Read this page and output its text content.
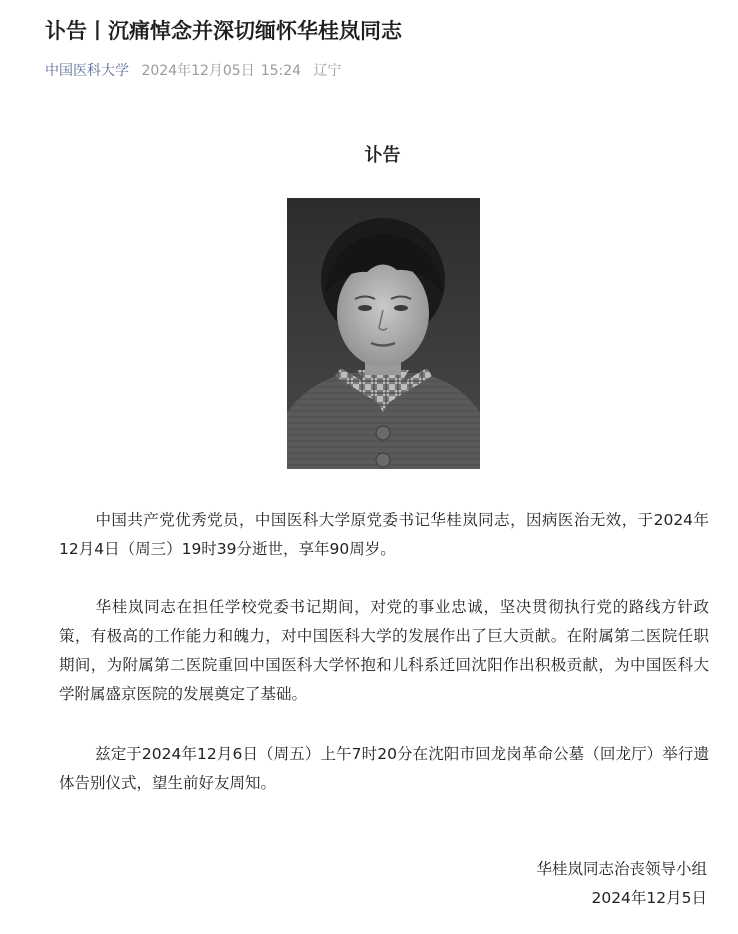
讣告丨沉痛悼念并深切缅怀华桂岚同志
中国医科大学 2024年12月05日 15:24 辽宁
讣告
中国共产党优秀党员，中国医科大学原党委书记华桂岚同志，因病医治无效，于2024年12月4日（周三）19时39分逝世，享年90周岁。
华桂岚同志在担任学校党委书记期间，对党的事业忠诚，坚决贯彻执行党的路线方针政策，有极高的工作能力和魄力，对中国医科大学的发展作出了巨大贡献。在附属第二医院任职期间，为附属第二医院重回中国医科大学怀抱和儿科系迁回沈阳作出积极贡献，为中国医科大学附属盛京医院的发展奠定了基础。
兹定于2024年12月6日（周五）上午7时20分在沈阳市回龙岗革命公墓（回龙厅）举行遗体告别仪式，望生前好友周知。
华桂岚同志治丧领导小组
2024年12月5日
